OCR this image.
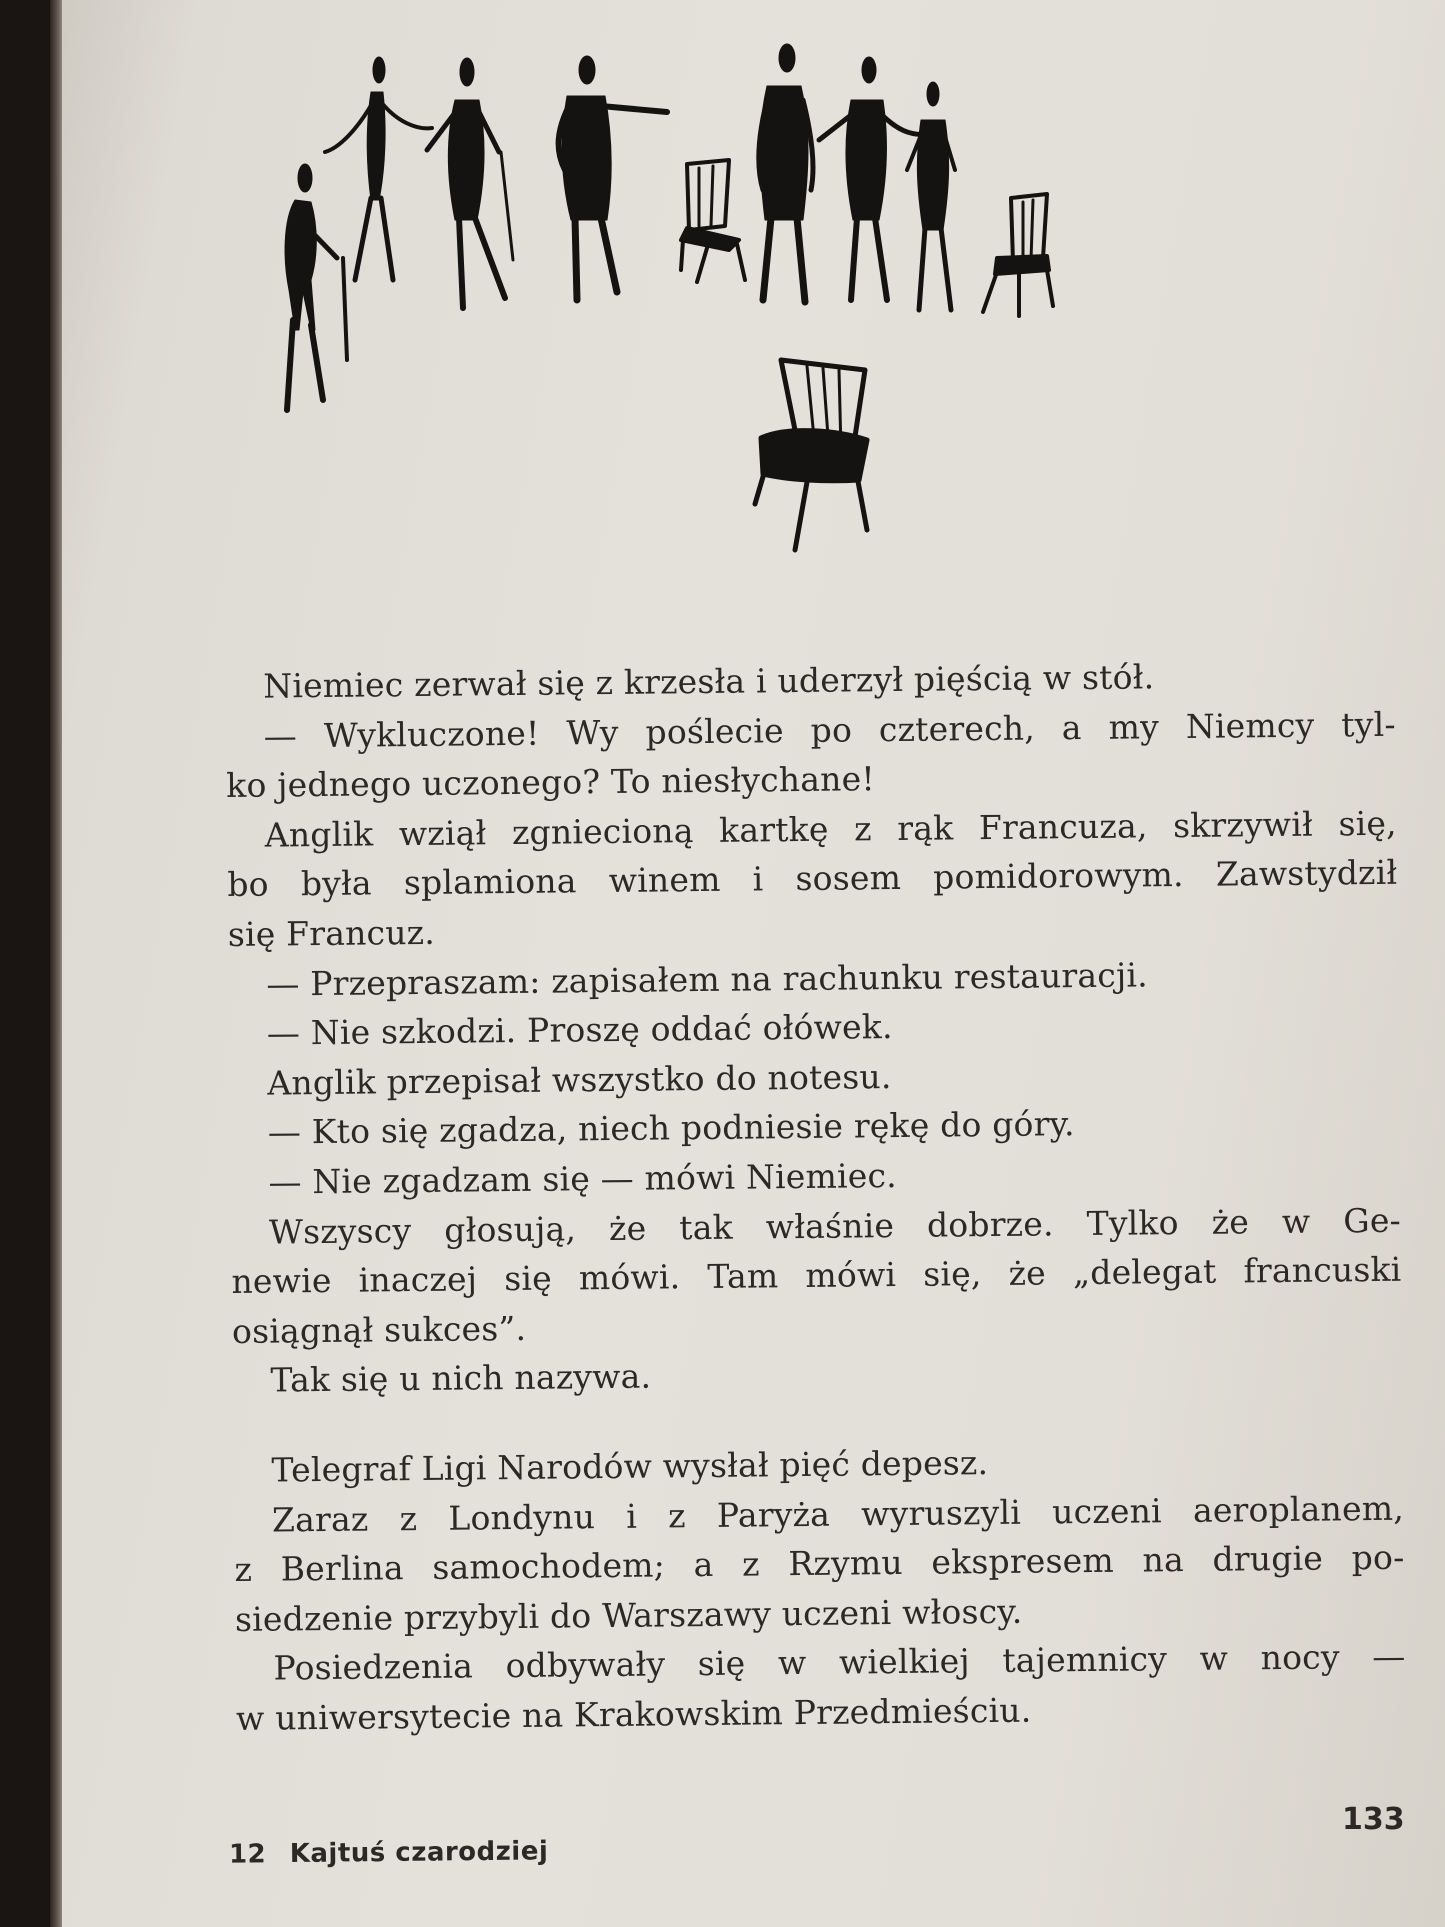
Niemiec zerwał się z krzesła i uderzył pięścią w stół.
— Wykluczone! Wy poślecie po czterech, a my Niemcy tyl-
ko jednego uczonego? To niesłychane!
Anglik wziął zgniecioną kartkę z rąk Francuza, skrzywił się,
bo była splamiona winem i sosem pomidorowym. Zawstydził
się Francuz.
— Przepraszam: zapisałem na rachunku restauracji.
— Nie szkodzi. Proszę oddać ołówek.
Anglik przepisał wszystko do notesu.
— Kto się zgadza, niech podniesie rękę do góry.
— Nie zgadzam się — mówi Niemiec.
Wszyscy głosują, że tak właśnie dobrze. Tylko że w Ge-
newie inaczej się mówi. Tam mówi się, że „delegat francuski
osiągnął sukces”.
Tak się u nich nazywa.
Telegraf Ligi Narodów wysłał pięć depesz.
Zaraz z Londynu i z Paryża wyruszyli uczeni aeroplanem,
z Berlina samochodem; a z Rzymu ekspresem na drugie po-
siedzenie przybyli do Warszawy uczeni włoscy.
Posiedzenia odbywały się w wielkiej tajemnicy w nocy —
w uniwersytecie na Krakowskim Przedmieściu.
12 Kajtuś czarodziej
133
